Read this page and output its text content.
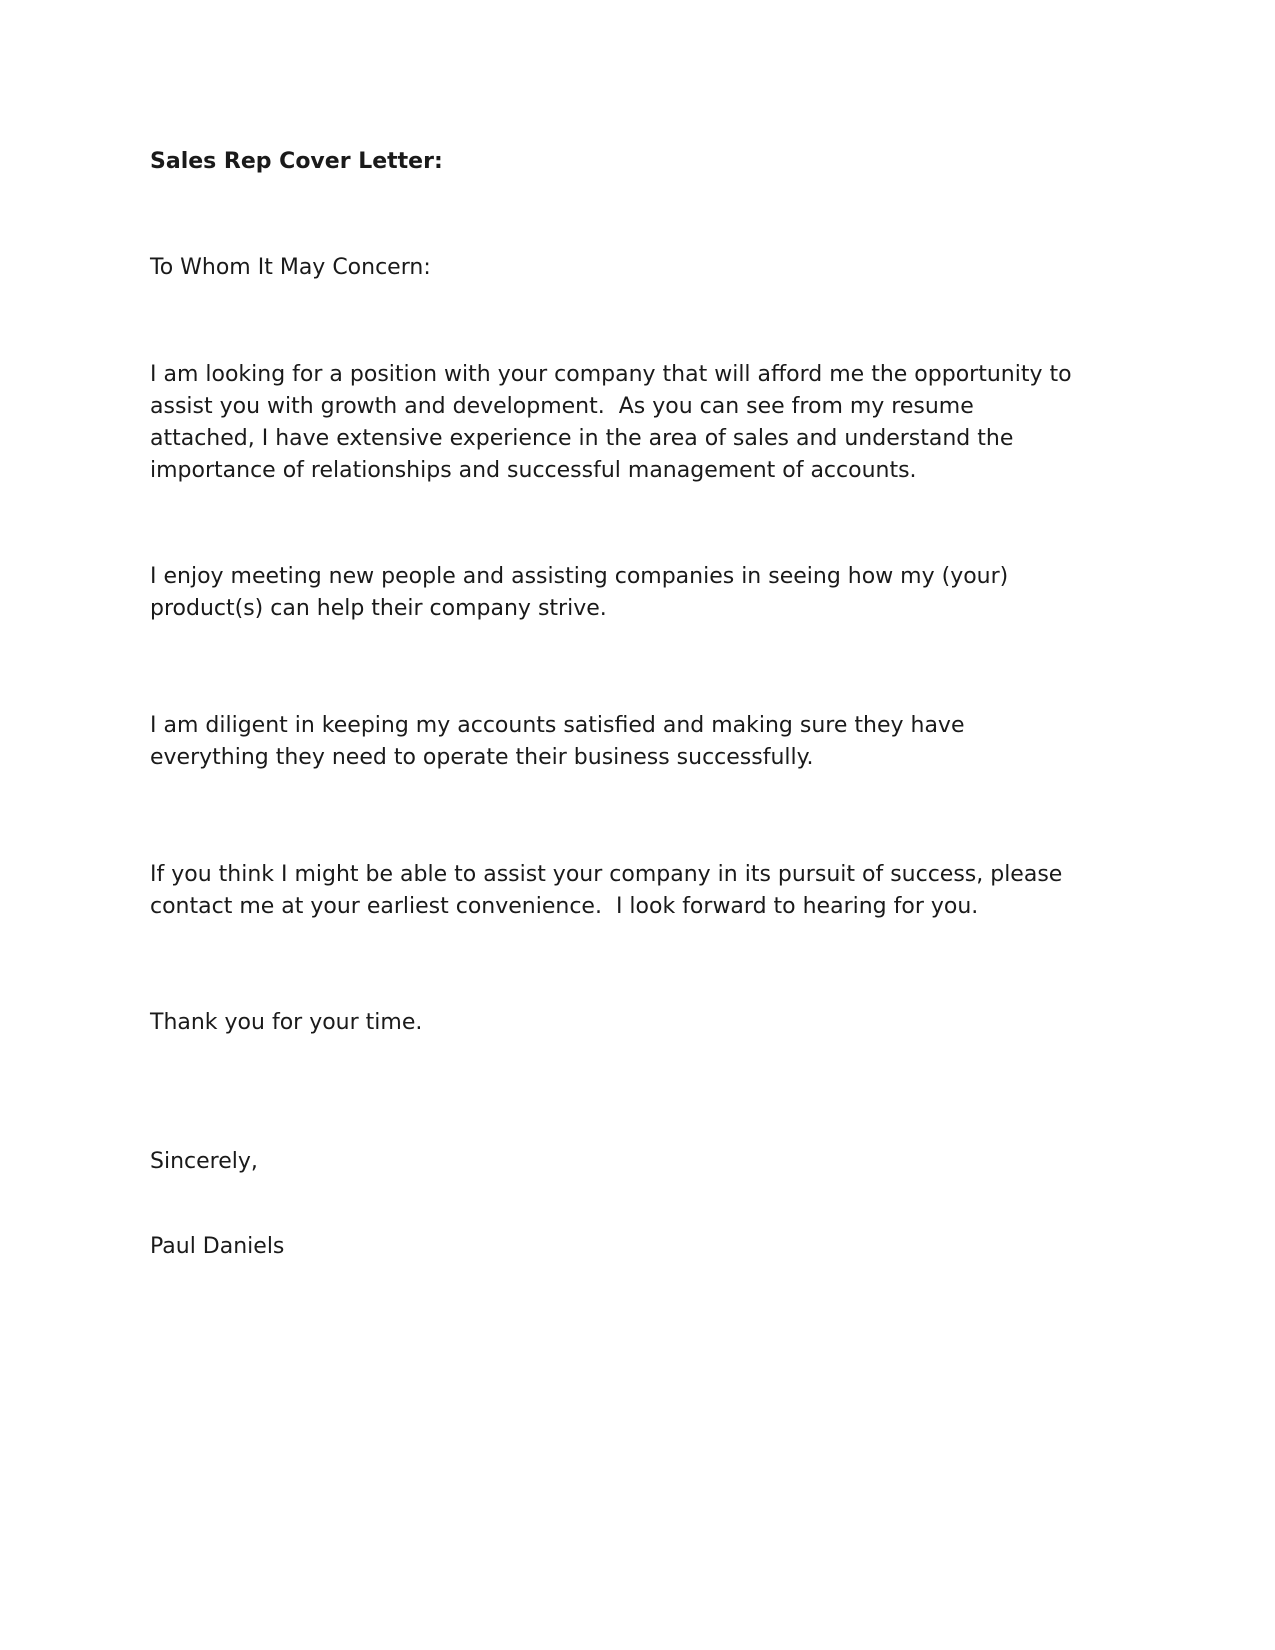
Sales Rep Cover Letter:
To Whom It May Concern:

I am looking for a position with your company that will afford me the opportunity to
assist you with growth and development.  As you can see from my resume
attached, I have extensive experience in the area of sales and understand the
importance of relationships and successful management of accounts.

I enjoy meeting new people and assisting companies in seeing how my (your)
product(s) can help their company strive.

I am diligent in keeping my accounts satisfied and making sure they have
everything they need to operate their business successfully.

If you think I might be able to assist your company in its pursuit of success, please
contact me at your earliest convenience.  I look forward to hearing for you.

Thank you for your time.
Sincerely,
Paul Daniels
